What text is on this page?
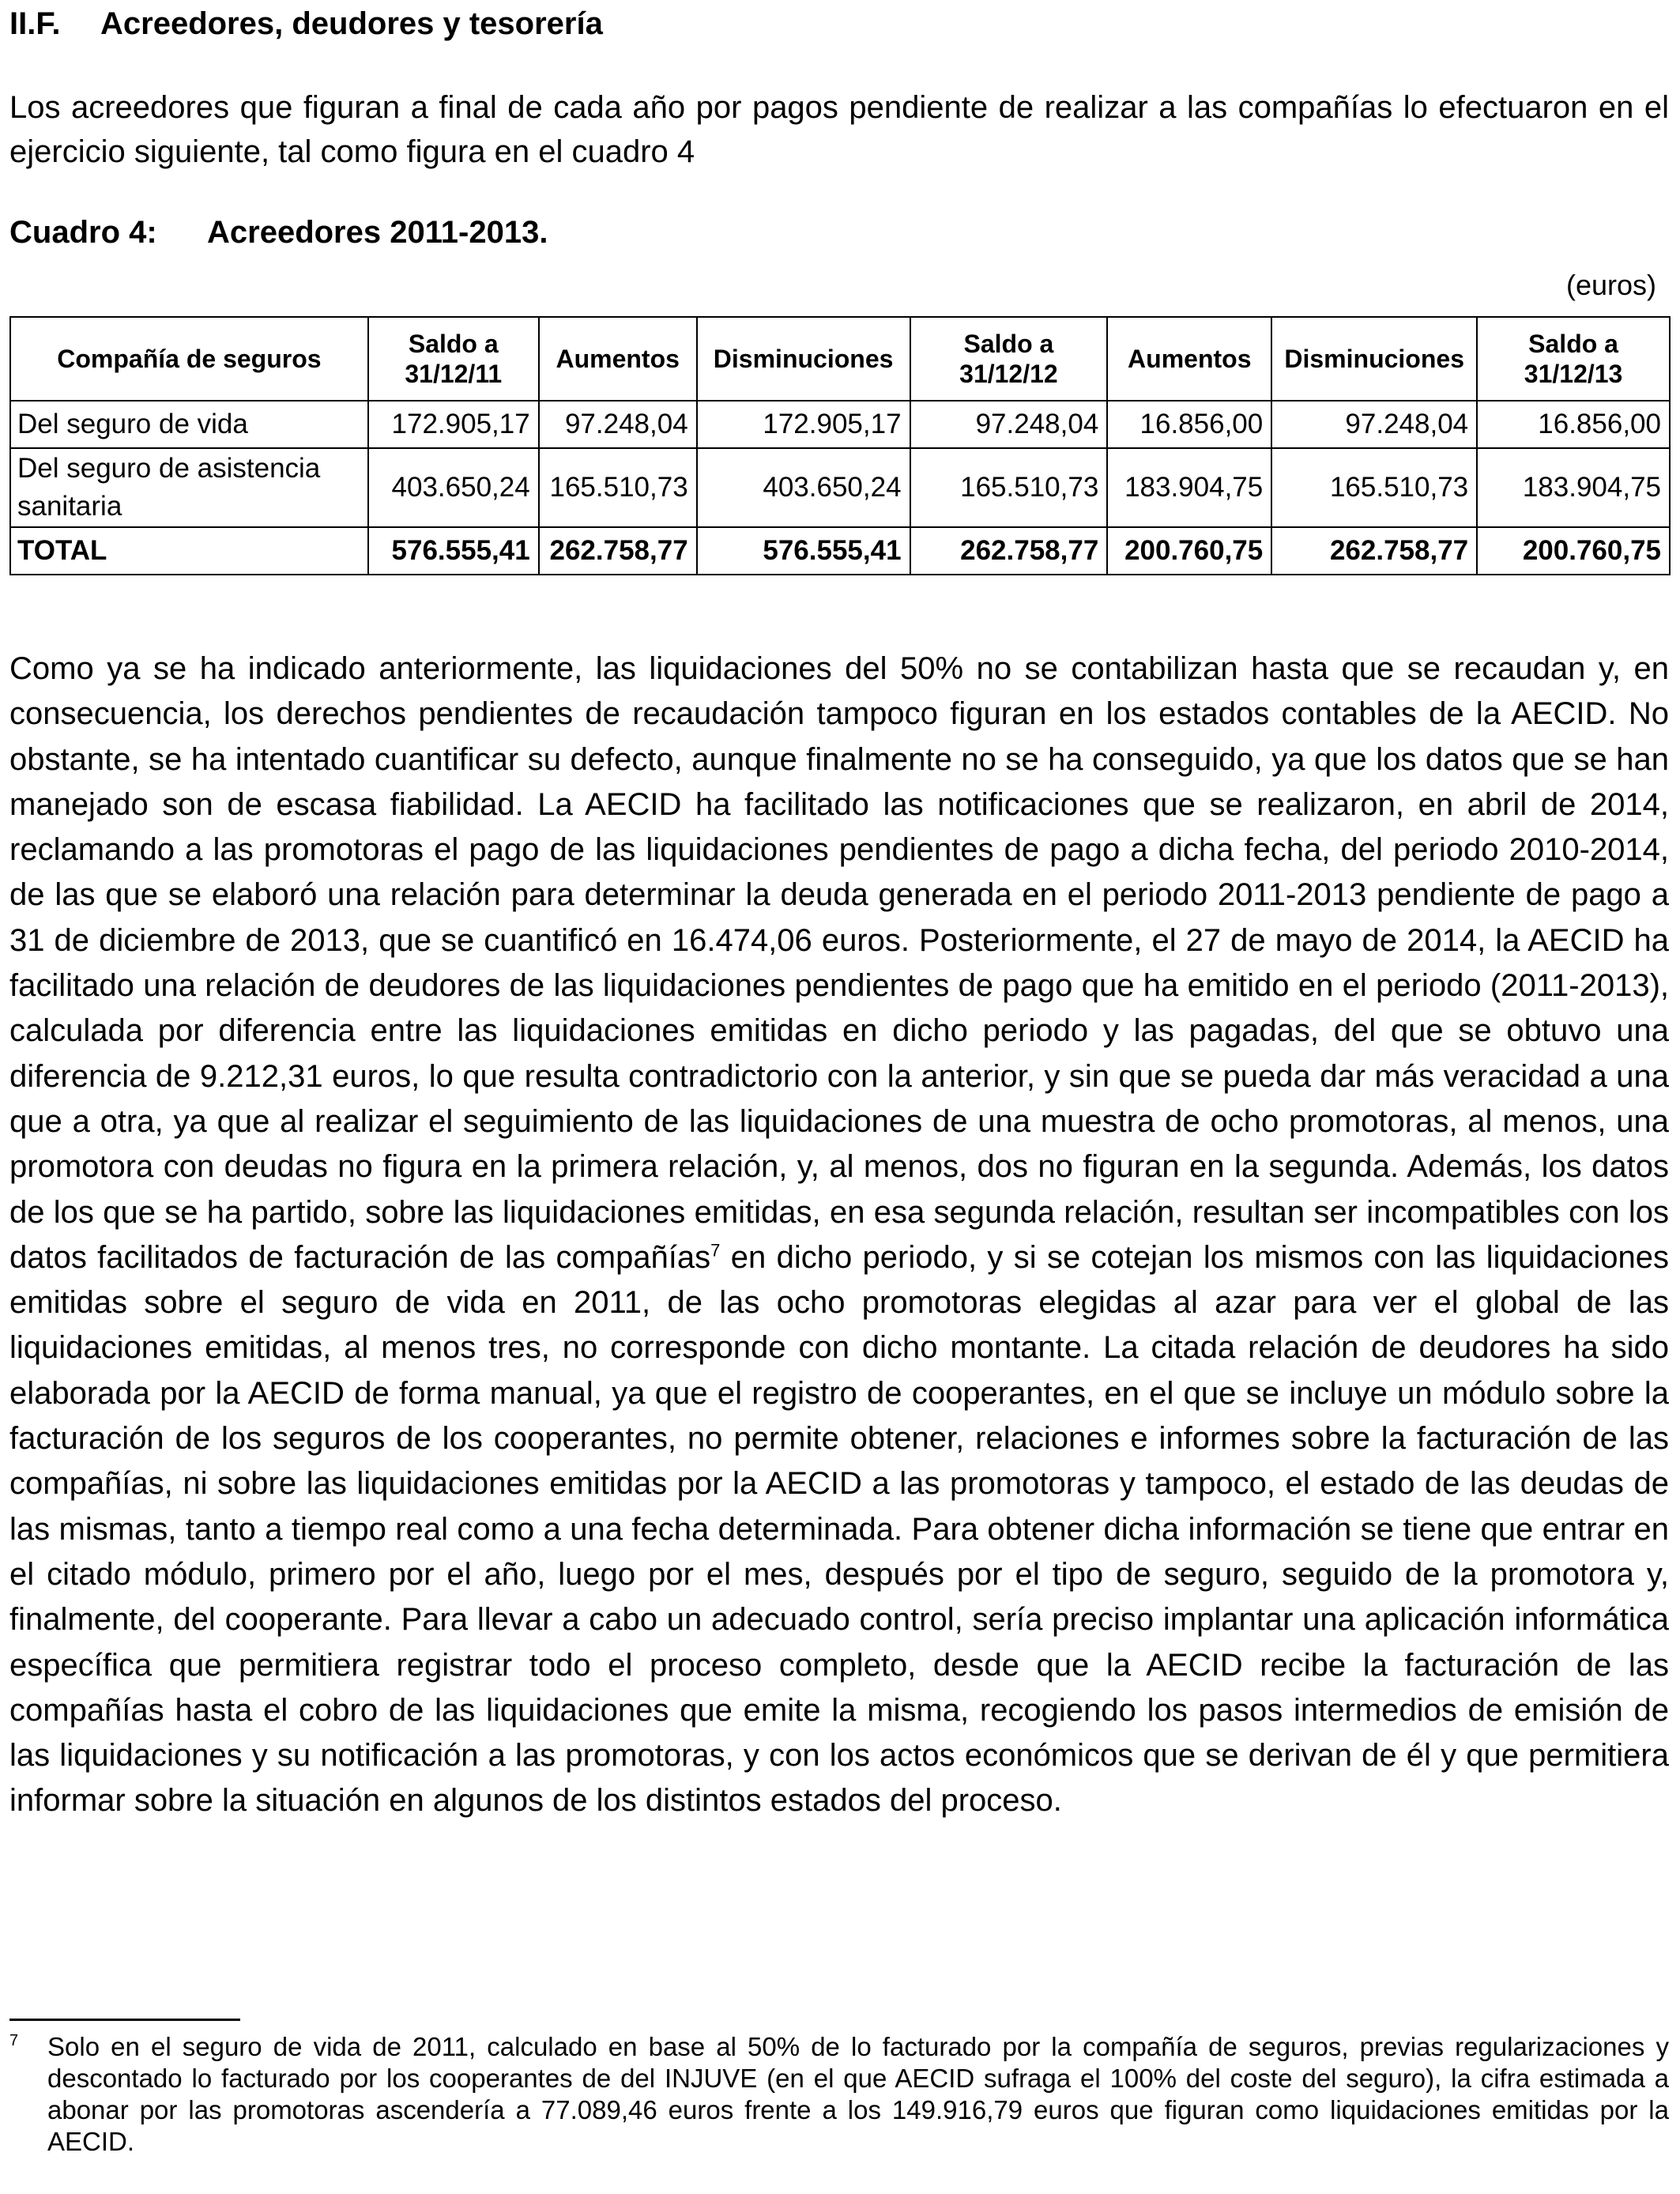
II.F. Acreedores, deudores y tesorería

Los acreedores que figuran a final de cada año por pagos pendiente de realizar a las compañías lo efectuaron en el ejercicio siguiente, tal como figura en el cuadro 4

Cuadro 4: Acreedores 2011-2013.
(euros)
Compañía de seguros	Saldo a 31/12/11	Aumentos	Disminuciones	Saldo a 31/12/12	Aumentos	Disminuciones	Saldo a 31/12/13
Del seguro de vida	172.905,17	97.248,04	172.905,17	97.248,04	16.856,00	97.248,04	16.856,00
Del seguro de asistencia sanitaria	403.650,24	165.510,73	403.650,24	165.510,73	183.904,75	165.510,73	183.904,75
TOTAL	576.555,41	262.758,77	576.555,41	262.758,77	200.760,75	262.758,77	200.760,75

Como ya se ha indicado anteriormente, las liquidaciones del 50% no se contabilizan hasta que se recaudan y, en consecuencia, los derechos pendientes de recaudación tampoco figuran en los estados contables de la AECID. No obstante, se ha intentado cuantificar su defecto, aunque finalmente no se ha conseguido, ya que los datos que se han manejado son de escasa fiabilidad. La AECID ha facilitado las notificaciones que se realizaron, en abril de 2014, reclamando a las promotoras el pago de las liquidaciones pendientes de pago a dicha fecha, del periodo 2010-2014, de las que se elaboró una relación para determinar la deuda generada en el periodo 2011-2013 pendiente de pago a 31 de diciembre de 2013, que se cuantificó en 16.474,06 euros. Posteriormente, el 27 de mayo de 2014, la AECID ha facilitado una relación de deudores de las liquidaciones pendientes de pago que ha emitido en el periodo (2011-2013), calculada por diferencia entre las liquidaciones emitidas en dicho periodo y las pagadas, del que se obtuvo una diferencia de 9.212,31 euros, lo que resulta contradictorio con la anterior, y sin que se pueda dar más veracidad a una que a otra, ya que al realizar el seguimiento de las liquidaciones de una muestra de ocho promotoras, al menos, una promotora con deudas no figura en la primera relación, y, al menos, dos no figuran en la segunda. Además, los datos de los que se ha partido, sobre las liquidaciones emitidas, en esa segunda relación, resultan ser incompatibles con los datos facilitados de facturación de las compañías$^7$ en dicho periodo, y si se cotejan los mismos con las liquidaciones emitidas sobre el seguro de vida en 2011, de las ocho promotoras elegidas al azar para ver el global de las liquidaciones emitidas, al menos tres, no corresponde con dicho montante. La citada relación de deudores ha sido elaborada por la AECID de forma manual, ya que el registro de cooperantes, en el que se incluye un módulo sobre la facturación de los seguros de los cooperantes, no permite obtener, relaciones e informes sobre la facturación de las compañías, ni sobre las liquidaciones emitidas por la AECID a las promotoras y tampoco, el estado de las deudas de las mismas, tanto a tiempo real como a una fecha determinada. Para obtener dicha información se tiene que entrar en el citado módulo, primero por el año, luego por el mes, después por el tipo de seguro, seguido de la promotora y, finalmente, del cooperante. Para llevar a cabo un adecuado control, sería preciso implantar una aplicación informática específica que permitiera registrar todo el proceso completo, desde que la AECID recibe la facturación de las compañías hasta el cobro de las liquidaciones que emite la misma, recogiendo los pasos intermedios de emisión de las liquidaciones y su notificación a las promotoras, y con los actos económicos que se derivan de él y que permitiera informar sobre la situación en algunos de los distintos estados del proceso.

7 Solo en el seguro de vida de 2011, calculado en base al 50% de lo facturado por la compañía de seguros, previas regularizaciones y descontado lo facturado por los cooperantes de del INJUVE (en el que AECID sufraga el 100% del coste del seguro), la cifra estimada a abonar por las promotoras ascendería a 77.089,46 euros frente a los 149.916,79 euros que figuran como liquidaciones emitidas por la AECID.
